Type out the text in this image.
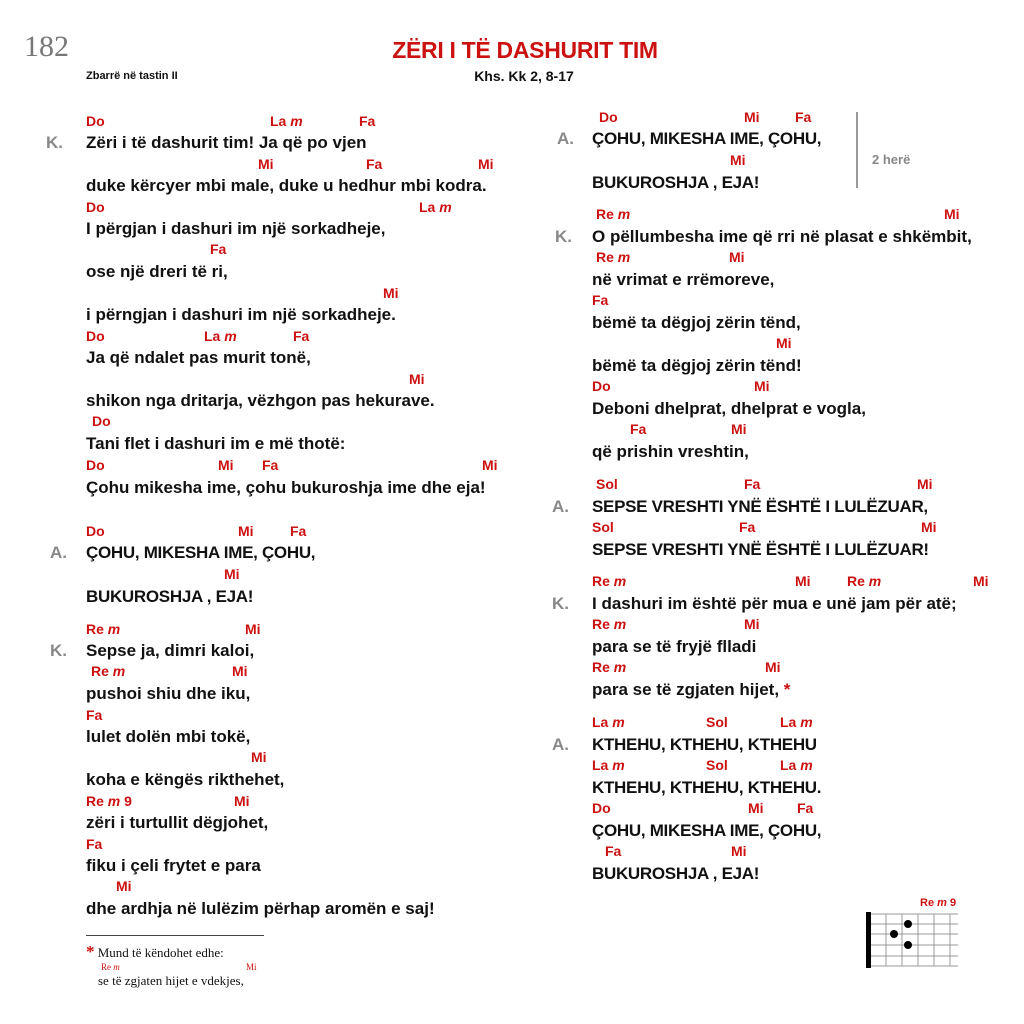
182	ZËRI I TË DASHURIT TIM
Zbarrë në tastin II	Khs. Kk 2, 8-17
Do	La m	Fa
K. Zëri i të dashurit tim! Ja që po vjen
Mi	Fa	Mi
duke kërcyer mbi male, duke u hedhur mbi kodra.
Do	La m
I përgjan i dashuri im një sorkadheje,
Fa
ose një dreri të ri,
Mi
i përngjan i dashuri im një sorkadheje.
Do	La m	Fa
Ja që ndalet pas murit tonë,
Mi
shikon nga dritarja, vëzhgon pas hekurave.
Do
Tani flet i dashuri im e më thotë:
Do	Mi Fa	Mi
Çohu mikesha ime, çohu bukuroshja ime dhe eja!
Do	Mi	Fa
A. ÇOHU, MIKESHA IME, ÇOHU,
Mi
BUKUROSHJA , EJA!
Re m	Mi
K. Sepse ja, dimri kaloi,
Re m	Mi
pushoi shiu dhe iku,
Fa
lulet dolën mbi tokë,
Mi
koha e këngës rikthehet,
Re m 9	Mi
zëri i turtullit dëgjohet,
Fa
fiku i çeli frytet e para
Mi
dhe ardhja në lulëzim përhap aromën e saj!
* Mund të këndohet edhe:
Re m	Mi
se të zgjaten hijet e vdekjes,
Do	Mi	Fa
A. ÇOHU, MIKESHA IME, ÇOHU,
Mi
BUKUROSHJA , EJA!
2 herë
Re m	Mi
K. O pëllumbesha ime që rri në plasat e shkëmbit,
Re m	Mi
në vrimat e rrëmoreve,
Fa
bëmë ta dëgjoj zërin tënd,
Mi
bëmë ta dëgjoj zërin tënd!
Do	Mi
Deboni dhelprat, dhelprat e vogla,
Fa	Mi
që prishin vreshtin,
Sol	Fa	Mi
A. SEPSE VRESHTI YNË ËSHTË I LULËZUAR,
Sol	Fa	Mi
SEPSE VRESHTI YNË ËSHTË I LULËZUAR!
Re m	Mi	Re m	Mi
K. I dashuri im është për mua e unë jam për atë;
Re m	Mi
para se të fryjë flladi
Re m	Mi
para se të zgjaten hijet, *
La m	Sol	La m
A. KTHEHU, KTHEHU, KTHEHU
La m	Sol	La m
KTHEHU, KTHEHU, KTHEHU.
Do	Mi Fa
ÇOHU, MIKESHA IME, ÇOHU,
Fa	Mi
BUKUROSHJA , EJA!
Re m 9
